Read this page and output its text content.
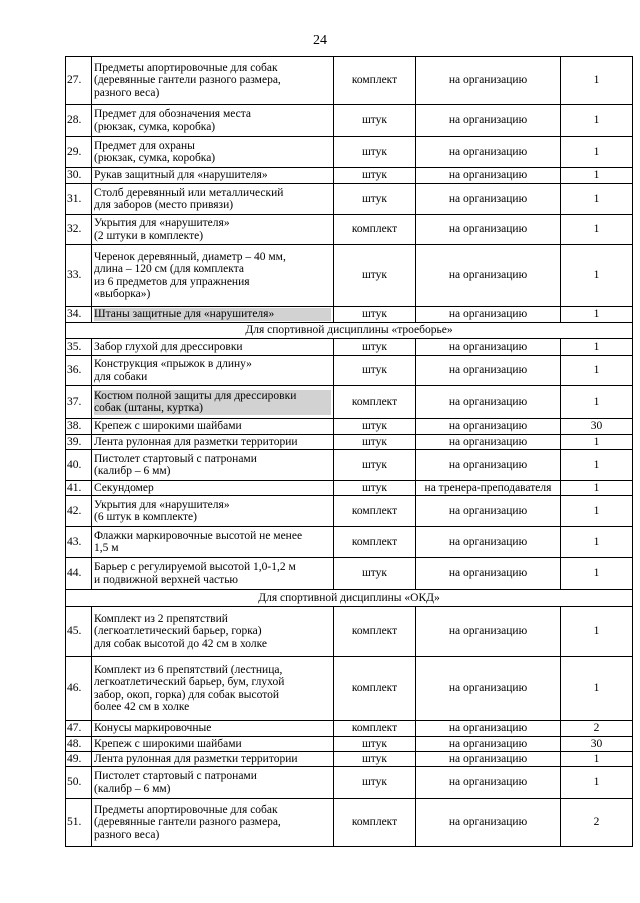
24
27.	Предметы апортировочные для собак
(деревянные гантели разного размера,
разного веса)	комплект	на организацию	1
28.	Предмет для обозначения места
(рюкзак, сумка, коробка)	штук	на организацию	1
29.	Предмет для охраны
(рюкзак, сумка, коробка)	штук	на организацию	1
30.	Рукав защитный для «нарушителя»	штук	на организацию	1
31.	Столб деревянный или металлический
для заборов (место привязи)	штук	на организацию	1
32.	Укрытия для «нарушителя»
(2 штуки в комплекте)	комплект	на организацию	1
33.	Черенок деревянный, диаметр – 40 мм,
длина – 120 см (для комплекта
из 6 предметов для упражнения
«выборка»)	штук	на организацию	1
34.	Штаны защитные для «нарушителя»	штук	на организацию	1
Для спортивной дисциплины «троеборье»				
35.	Забор глухой для дрессировки	штук	на организацию	1
36.	Конструкция «прыжок в длину»
для собаки	штук	на организацию	1
37.	Костюм полной защиты для дрессировки
собак (штаны, куртка)	комплект	на организацию	1
38.	Крепеж с широкими шайбами	штук	на организацию	30
39.	Лента рулонная для разметки территории	штук	на организацию	1
40.	Пистолет стартовый с патронами
(калибр – 6 мм)	штук	на организацию	1
41.	Секундомер	штук	на тренера-преподавателя	1
42.	Укрытия для «нарушителя»
(6 штук в комплекте)	комплект	на организацию	1
43.	Флажки маркировочные высотой не менее
1,5 м	комплект	на организацию	1
44.	Барьер с регулируемой высотой 1,0-1,2 м
и подвижной верхней частью	штук	на организацию	1
Для спортивной дисциплины «ОКД»				
45.	Комплект из 2 препятствий
(легкоатлетический барьер, горка)
для собак высотой до 42 см в холке	комплект	на организацию	1
46.	Комплект из 6 препятствий (лестница,
легкоатлетический барьер, бум, глухой
забор, окоп, горка) для собак высотой
более 42 см в холке	комплект	на организацию	1
47.	Конусы маркировочные	комплект	на организацию	2
48.	Крепеж с широкими шайбами	штук	на организацию	30
49.	Лента рулонная для разметки территории	штук	на организацию	1
50.	Пистолет стартовый с патронами
(калибр – 6 мм)	штук	на организацию	1
51.	Предметы апортировочные для собак
(деревянные гантели разного размера,
разного веса)	комплект	на организацию	2
